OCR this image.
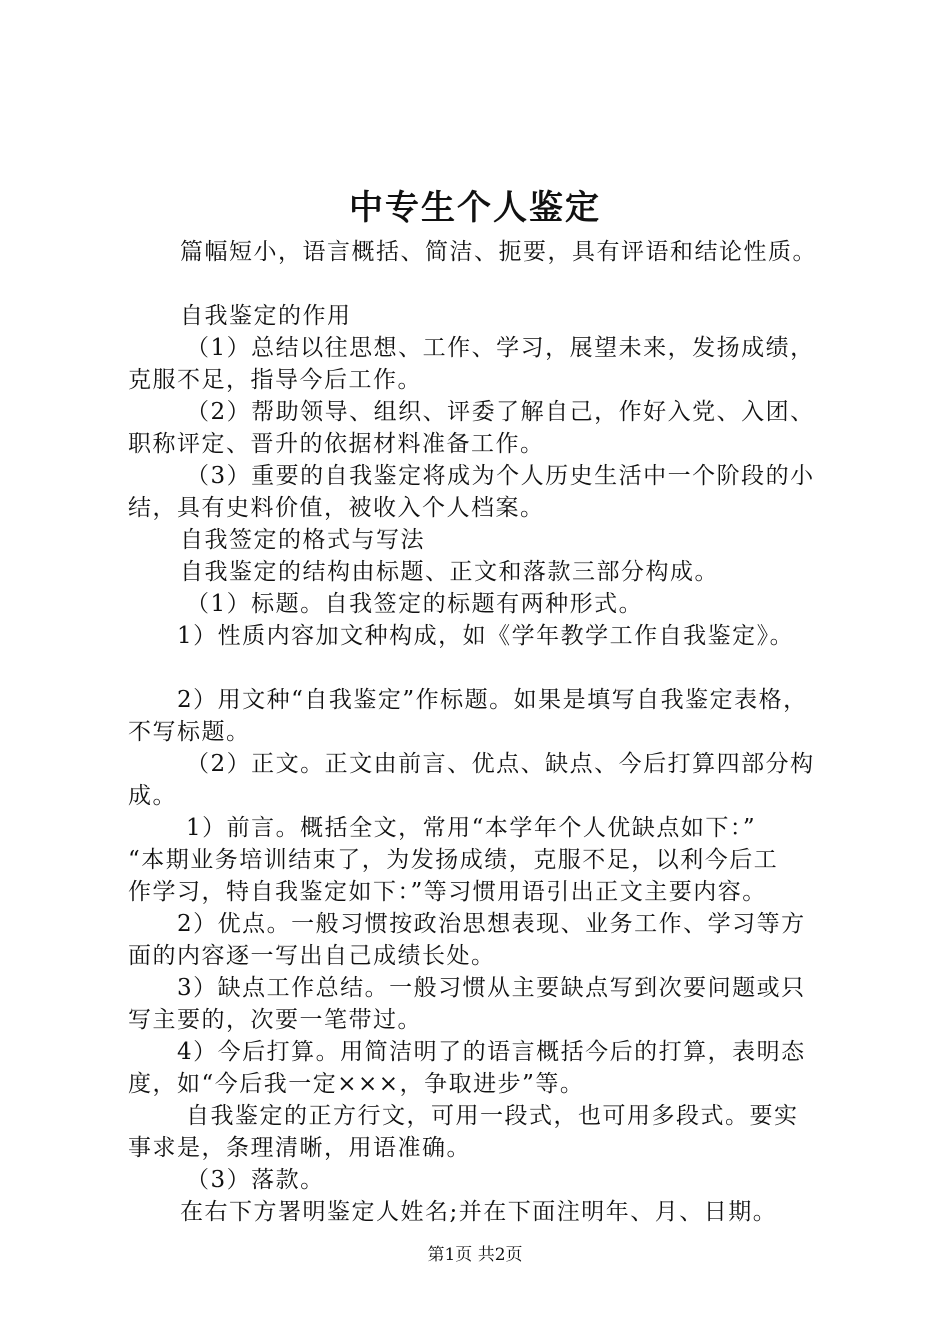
中专生个人鉴定
篇幅短小，语言概括、简洁、扼要，具有评语和结论性质。
自我鉴定的作用
（1）总结以往思想、工作、学习，展望未来，发扬成绩，
克服不足，指导今后工作。
（2）帮助领导、组织、评委了解自己，作好入党、入团、
职称评定、晋升的依据材料准备工作。
（3）重要的自我鉴定将成为个人历史生活中一个阶段的小
结，具有史料价值，被收入个人档案。
自我签定的格式与写法
自我鉴定的结构由标题、正文和落款三部分构成。
（1）标题。自我签定的标题有两种形式。
1）性质内容加文种构成，如《学年教学工作自我鉴定》。
2）用文种“自我鉴定”作标题。如果是填写自我鉴定表格，
不写标题。
（2）正文。正文由前言、优点、缺点、今后打算四部分构
成。
1）前言。概括全文，常用“本学年个人优缺点如下：”
“本期业务培训结束了，为发扬成绩，克服不足，以利今后工
作学习，特自我鉴定如下：”等习惯用语引出正文主要内容。
2）优点。一般习惯按政治思想表现、业务工作、学习等方
面的内容逐一写出自己成绩长处。
3）缺点工作总结。一般习惯从主要缺点写到次要问题或只
写主要的，次要一笔带过。
4）今后打算。用简洁明了的语言概括今后的打算，表明态
度，如“今后我一定×××，争取进步”等。
自我鉴定的正方行文，可用一段式，也可用多段式。要实
事求是，条理清晰，用语准确。
（3）落款。
在右下方署明鉴定人姓名;并在下面注明年、月、日期。
第1页 共2页
